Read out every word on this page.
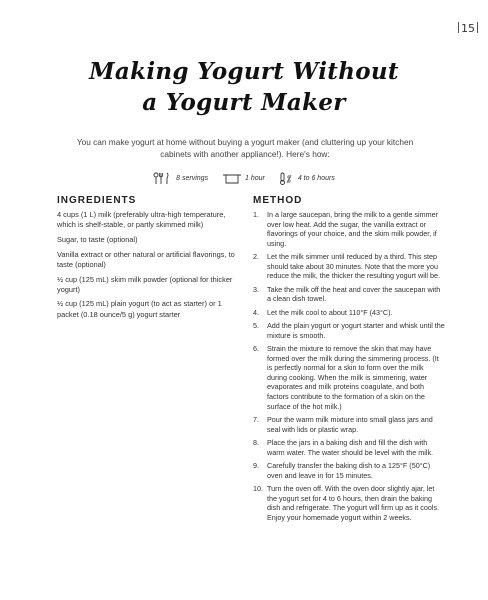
15
Making Yogurt Without
a Yogurt Maker
You can make yogurt at home without buying a yogurt maker (and cluttering up your kitchen cabinets with another appliance!). Here's how:
8 servings
	1 hour
	4 to 6 hours
INGREDIENTS
4 cups (1 L) milk (preferably ultra-high temperature, which is shelf-stable, or partly skimmed milk)
Sugar, to taste (optional)
Vanilla extract or other natural or artificial flavorings, to taste (optional)
½ cup (125 mL) skim milk powder (optional for thicker yogurt)
½ cup (125 mL) plain yogurt (to act as starter) or 1 packet (0.18 ounce/5 g) yogurt starter
METHOD
1.	In a large saucepan, bring the milk to a gentle simmer over low heat. Add the sugar, the vanilla extract or flavorings of your choice, and the skim milk powder, if using.
2.	Let the milk simmer until reduced by a third. This step should take about 30 minutes. Note that the more you reduce the milk, the thicker the resulting yogurt will be.
3.	Take the milk off the heat and cover the saucepan with a clean dish towel.
4.	Let the milk cool to about 110°F (43°C).
5.	Add the plain yogurt or yogurt starter and whisk until the mixture is smooth.
6.	Strain the mixture to remove the skin that may have formed over the milk during the simmering process. (It is perfectly normal for a skin to form over the milk during cooking. When the milk is simmering, water evaporates and milk proteins coagulate, and both factors contribute to the formation of a skin on the surface of the hot milk.)
7.	Pour the warm milk mixture into small glass jars and seal with lids or plastic wrap.
8.	Place the jars in a baking dish and fill the dish with warm water. The water should be level with the milk.
9.	Carefully transfer the baking dish to a 125°F (50°C) oven and leave in for 15 minutes.
10. Turn the oven off. With the oven door slightly ajar, let the yogurt set for 4 to 6 hours, then drain the baking dish and refrigerate. The yogurt will firm up as it cools. Enjoy your homemade yogurt within 2 weeks.
